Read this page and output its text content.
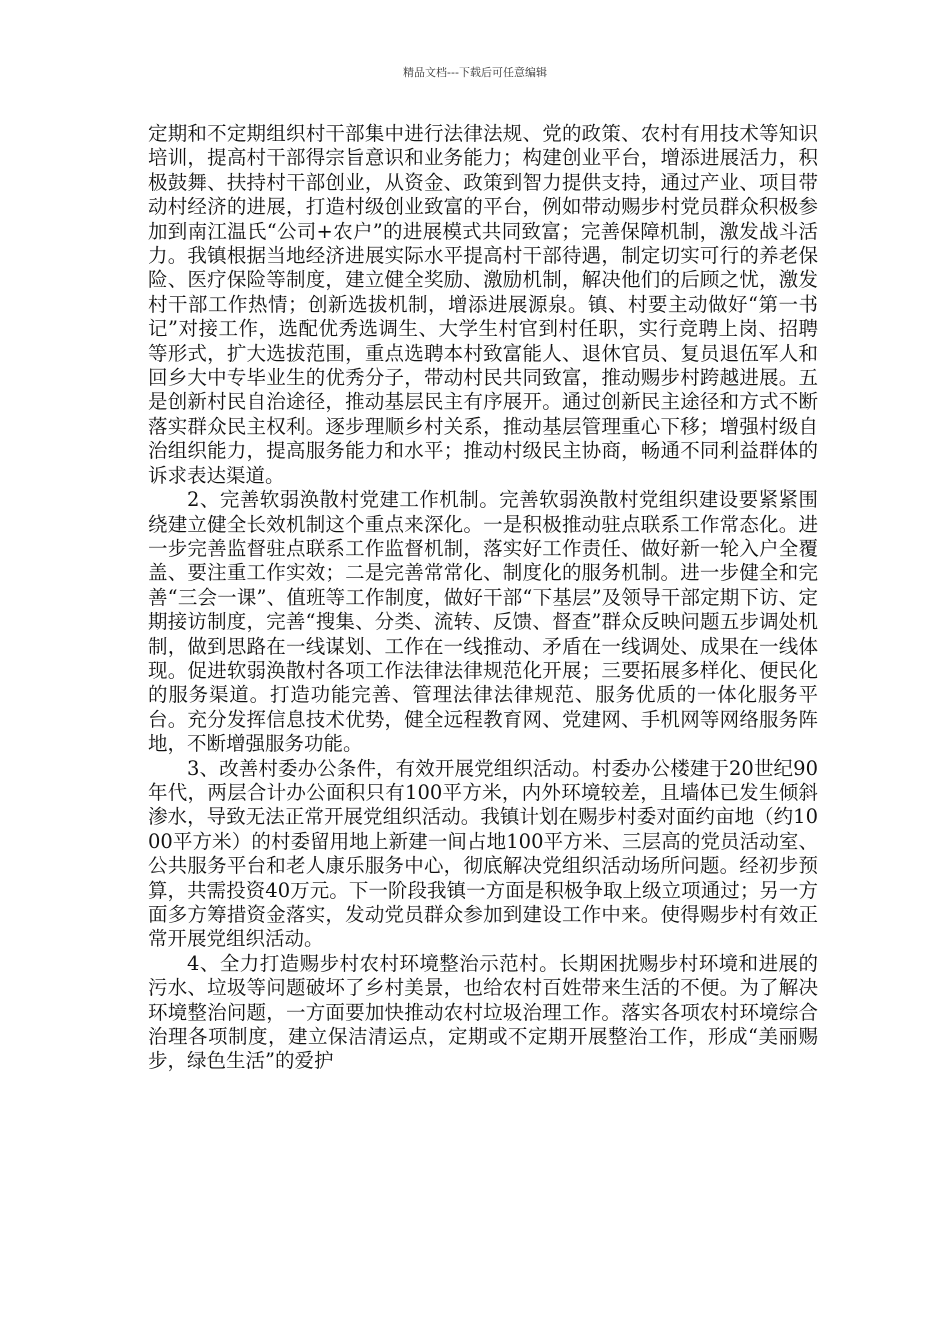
精品文档---下载后可任意编辑

定期和不定期组织村干部集中进行法律法规、党的政策、农村有用技术等知识培训，提高村干部得宗旨意识和业务能力；构建创业平台，增添进展活力，积极鼓舞、扶持村干部创业，从资金、政策到智力提供支持，通过产业、项目带动村经济的进展，打造村级创业致富的平台，例如带动赐步村党员群众积极参加到南江温氏“公司+农户”的进展模式共同致富；完善保障机制，激发战斗活力。我镇根据当地经济进展实际水平提高村干部待遇，制定切实可行的养老保险、医疗保险等制度，建立健全奖励、激励机制，解决他们的后顾之忧，激发村干部工作热情；创新选拔机制，增添进展源泉。镇、村要主动做好“第一书记”对接工作，选配优秀选调生、大学生村官到村任职，实行竞聘上岗、招聘等形式，扩大选拔范围，重点选聘本村致富能人、退休官员、复员退伍军人和回乡大中专毕业生的优秀分子，带动村民共同致富，推动赐步村跨越进展。五是创新村民自治途径，推动基层民主有序展开。通过创新民主途径和方式不断落实群众民主权利。逐步理顺乡村关系，推动基层管理重心下移；增强村级自治组织能力，提高服务能力和水平；推动村级民主协商，畅通不同利益群体的诉求表达渠道。

2、完善软弱涣散村党建工作机制。完善软弱涣散村党组织建设要紧紧围绕建立健全长效机制这个重点来深化。一是积极推动驻点联系工作常态化。进一步完善监督驻点联系工作监督机制，落实好工作责任、做好新一轮入户全覆盖、要注重工作实效；二是完善常常化、制度化的服务机制。进一步健全和完善“三会一课”、值班等工作制度，做好干部“下基层”及领导干部定期下访、定期接访制度，完善“搜集、分类、流转、反馈、督查”群众反映问题五步调处机制，做到思路在一线谋划、工作在一线推动、矛盾在一线调处、成果在一线体现。促进软弱涣散村各项工作法律法律规范化开展；三要拓展多样化、便民化的服务渠道。打造功能完善、管理法律法律规范、服务优质的一体化服务平台。充分发挥信息技术优势，健全远程教育网、党建网、手机网等网络服务阵地，不断增强服务功能。

3、改善村委办公条件，有效开展党组织活动。村委办公楼建于20世纪90年代，两层合计办公面积只有100平方米，内外环境较差，且墙体已发生倾斜渗水，导致无法正常开展党组织活动。我镇计划在赐步村委对面约亩地（约1000平方米）的村委留用地上新建一间占地100平方米、三层高的党员活动室、公共服务平台和老人康乐服务中心，彻底解决党组织活动场所问题。经初步预算，共需投资40万元。下一阶段我镇一方面是积极争取上级立项通过；另一方面多方筹措资金落实，发动党员群众参加到建设工作中来。使得赐步村有效正常开展党组织活动。

4、全力打造赐步村农村环境整治示范村。长期困扰赐步村环境和进展的污水、垃圾等问题破坏了乡村美景，也给农村百姓带来生活的不便。为了解决环境整治问题，一方面要加快推动农村垃圾治理工作。落实各项农村环境综合治理各项制度，建立保洁清运点，定期或不定期开展整治工作，形成“美丽赐步，绿色生活”的爱护
